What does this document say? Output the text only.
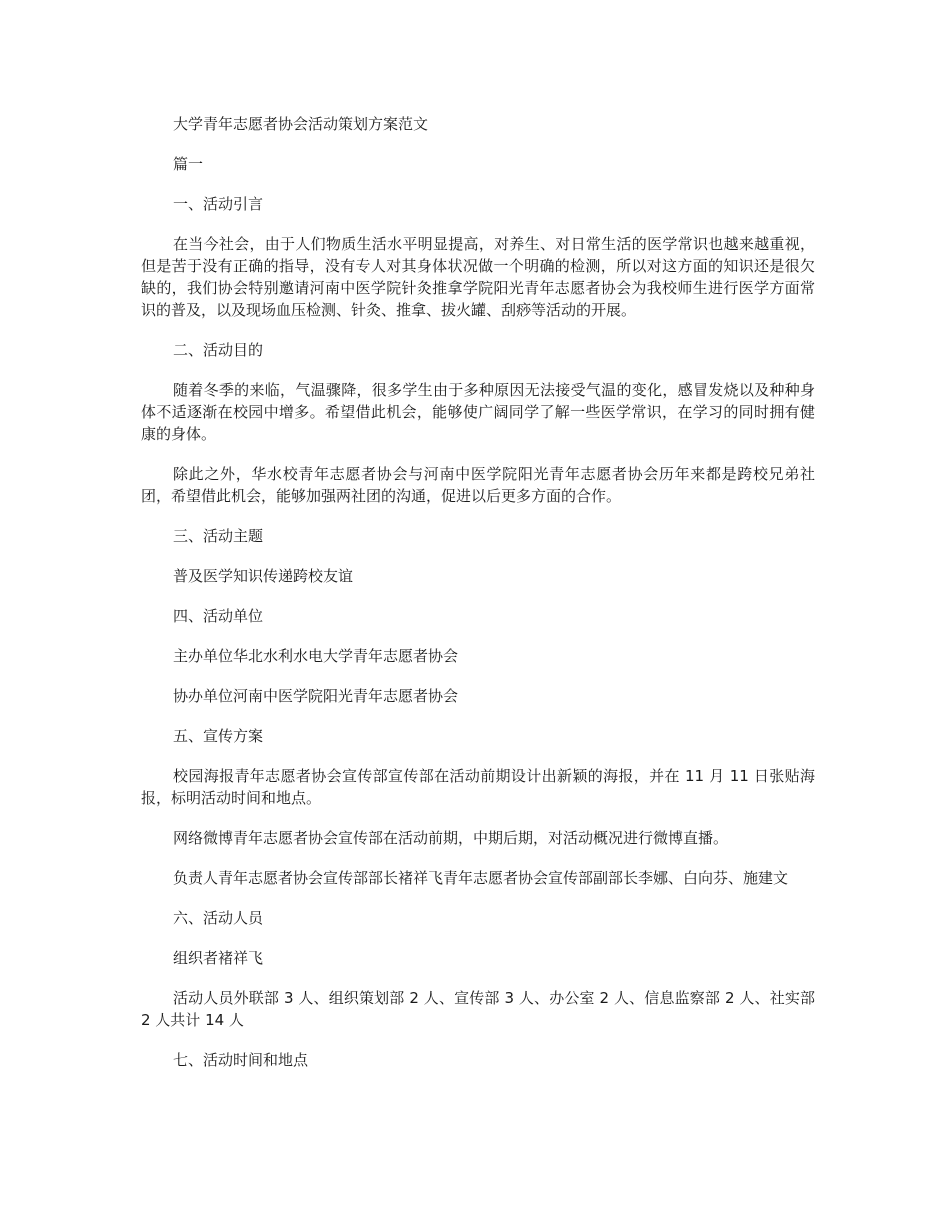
大学青年志愿者协会活动策划方案范文

篇一

一、活动引言

在当今社会，由于人们物质生活水平明显提高，对养生、对日常生活的医学常识也越来越重视，但是苦于没有正确的指导，没有专人对其身体状况做一个明确的检测，所以对这方面的知识还是很欠缺的，我们协会特别邀请河南中医学院针灸推拿学院阳光青年志愿者协会为我校师生进行医学方面常识的普及，以及现场血压检测、针灸、推拿、拔火罐、刮痧等活动的开展。

二、活动目的

随着冬季的来临，气温骤降，很多学生由于多种原因无法接受气温的变化，感冒发烧以及种种身体不适逐渐在校园中增多。希望借此机会，能够使广阔同学了解一些医学常识，在学习的同时拥有健康的身体。

除此之外，华水校青年志愿者协会与河南中医学院阳光青年志愿者协会历年来都是跨校兄弟社团，希望借此机会，能够加强两社团的沟通，促进以后更多方面的合作。

三、活动主题

普及医学知识传递跨校友谊

四、活动单位

主办单位华北水利水电大学青年志愿者协会

协办单位河南中医学院阳光青年志愿者协会

五、宣传方案

校园海报青年志愿者协会宣传部宣传部在活动前期设计出新颖的海报，并在 11 月 11 日张贴海报，标明活动时间和地点。

网络微博青年志愿者协会宣传部在活动前期，中期后期，对活动概况进行微博直播。

负责人青年志愿者协会宣传部部长褚祥飞青年志愿者协会宣传部副部长李娜、白向芬、施建文

六、活动人员

组织者褚祥飞

活动人员外联部 3 人、组织策划部 2 人、宣传部 3 人、办公室 2 人、信息监察部 2 人、社实部 2 人共计 14 人

七、活动时间和地点
